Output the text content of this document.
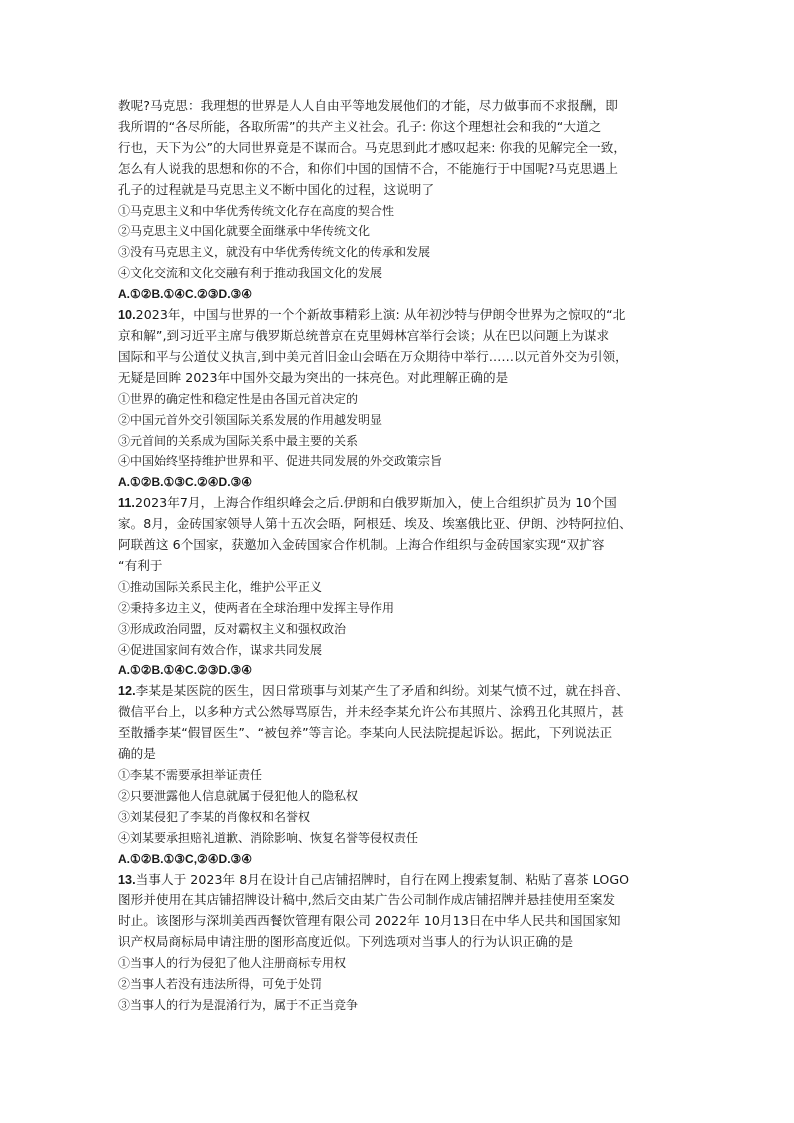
教呢?马克思：我理想的世界是人人自由平等地发展他们的才能，尽力做事而不求报酬，即

我所谓的“各尽所能，各取所需”的共产主义社会。孔子: 你这个理想社会和我的“大道之

行也，天下为公”的大同世界竟是不谋而合。马克思到此才感叹起来: 你我的见解完全一致，

怎么有人说我的思想和你的不合，和你们中国的国情不合，不能施行于中国呢?马克思遇上

孔子的过程就是马克思主义不断中国化的过程，这说明了

①马克思主义和中华优秀传统文化存在高度的契合性

②马克思主义中国化就要全面继承中华传统文化

③没有马克思主义，就没有中华优秀传统文化的传承和发展

④文化交流和文化交融有利于推动我国文化的发展

A.①②B.①④C.②③D.③④

10.2023年，中国与世界的一个个新故事精彩上演: 从年初沙特与伊朗令世界为之惊叹的“北

京和解”,到习近平主席与俄罗斯总统普京在克里姆林宫举行会谈；从在巴以问题上为谋求

国际和平与公道仗义执言,到中美元首旧金山会晤在万众期待中举行……以元首外交为引领，

无疑是回眸 2023年中国外交最为突出的一抹亮色。对此理解正确的是

①世界的确定性和稳定性是由各国元首决定的

②中国元首外交引领国际关系发展的作用越发明显

③元首间的关系成为国际关系中最主要的关系

④中国始终坚持维护世界和平、促进共同发展的外交政策宗旨

A.①②B.①③C.②④D.③④

11.2023年7月，上海合作组织峰会之后.伊朗和白俄罗斯加入，使上合组织扩员为 10个国

家。8月，金砖国家领导人第十五次会晤，阿根廷、埃及、埃塞俄比亚、伊朗、沙特阿拉伯、

阿联酋这 6个国家，获邀加入金砖国家合作机制。上海合作组织与金砖国家实现“双扩容

“有利于

①推动国际关系民主化，维护公平正义

②秉持多边主义，使两者在全球治理中发挥主导作用

③形成政治同盟，反对霸权主义和强权政治

④促进国家间有效合作，谋求共同发展

A.①②B.①④C.②③D.③④

12.李某是某医院的医生，因日常琐事与刘某产生了矛盾和纠纷。刘某气愤不过，就在抖音、

微信平台上，以多种方式公然辱骂原告，并未经李某允许公布其照片、涂鸦丑化其照片，甚

至散播李某“假冒医生”、“被包养”等言论。李某向人民法院提起诉讼。据此，下列说法正

确的是

①李某不需要承担举证责任

②只要泄露他人信息就属于侵犯他人的隐私权

③刘某侵犯了李某的肖像权和名誉权

④刘某要承担赔礼道歉、消除影响、恢复名誉等侵权责任

A.①②B.①③C,②④D.③④

13.当事人于 2023年 8月在设计自己店铺招牌时，自行在网上搜索复制、粘贴了喜茶 LOGO

图形并使用在其店铺招牌设计稿中,然后交由某广告公司制作成店铺招牌并悬挂使用至案发

时止。该图形与深圳美西西餐饮管理有限公司 2022年 10月13日在中华人民共和国国家知

识产权局商标局申请注册的图形高度近似。下列选项对当事人的行为认识正确的是

①当事人的行为侵犯了他人注册商标专用权

②当事人若没有违法所得，可免于处罚

③当事人的行为是混淆行为，属于不正当竞争
